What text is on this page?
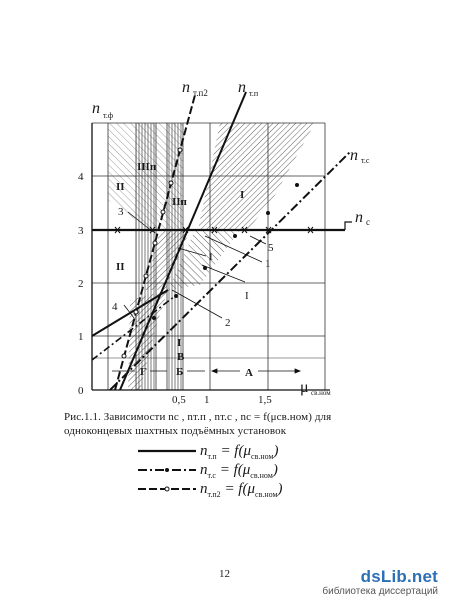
0
1
2
3
4
0,5 1	1,5
n т.ф
μ св.ном
n т.п2 n т.п
n т.с
n с
IIIп
II
IIп
I
II
I
В
Г	Б	А
1
I
2
3
4
5
1
Рис.1.1. Зависимости nc , nт.п , nт.с , nc = f(μсв.ном) для одноконцевых шахтных подъёмных установок
$n_{т.п} = f(\mu_{св.ном})$
$n_{т.с} = f(\mu_{св.ном})$
$n_{т.п2} = f(\mu_{св.ном})$
12	dsLib.net
библиотека диссертаций
